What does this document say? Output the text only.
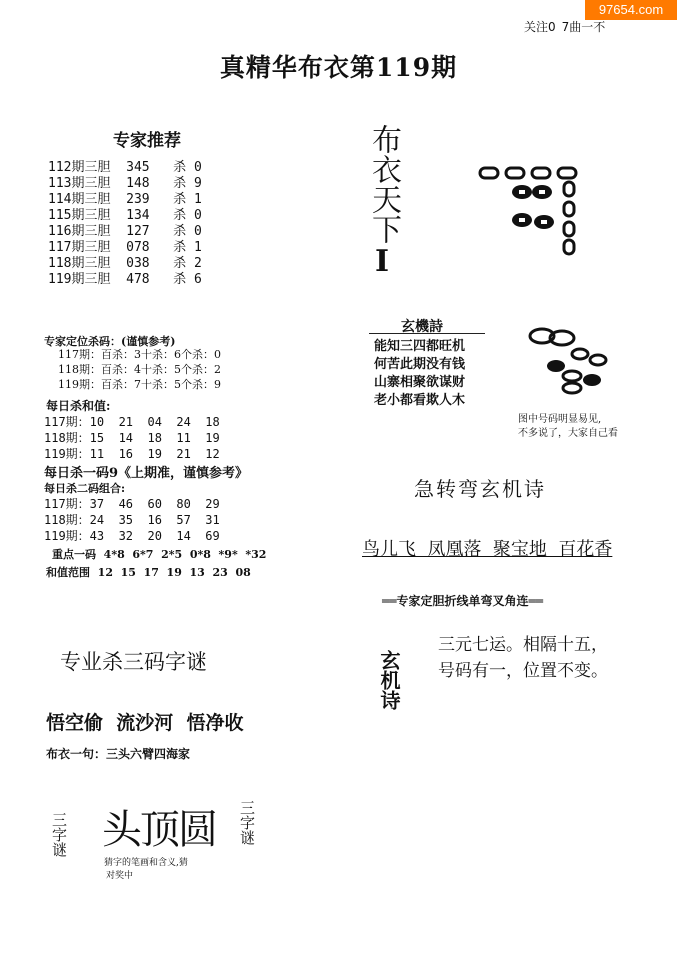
97654.com
关注0 7曲一不
真精华布衣第119期
专家推荐
112期三胆 345 杀 0
113期三胆 148 杀 9
114期三胆 239 杀 1
115期三胆 134 杀 0
116期三胆 127 杀 0
117期三胆 078 杀 1
118期三胆 038 杀 2
119期三胆 478 杀 6
专家定位杀码：(谨慎参考)
117期：百杀：3十杀：6个杀：0
118期：百杀：4十杀：5个杀：2
119期：百杀：7十杀：5个杀：9
每日杀和值:
117期：10  21  04  24  18
118期：15  14  18  11  19
119期：11  16  19  21  12
每日杀一码9《上期准，谨慎参考》
每日杀二码组合:
117期：37  46  60  80  29
118期：24  35  16  57  31
119期：43  32  20  14  69
重点一码  4*8  6*7  2*5  0*8  *9*  *32
和值范围  12  15  17  19  13  23  08
专业杀三码字谜
悟空偷  流沙河  悟净收
布衣一句：三头六臂四海家
三字谜 头顶圆
猜字的笔画和含义,猜
对奖中
三字谜
布衣天下
I
玄機詩
能知三四都旺机
何苦此期没有钱
山寨相聚欲谋财
老小都看欺人木
图中号码明显易见,
不多说了，大家自己看
急转弯玄机诗
鸟儿飞  凤凰落  聚宝地  百花香
══专家定胆折线单弯叉角连══
玄机诗
三元七运。相隔十五，
号码有一，位置不变。
